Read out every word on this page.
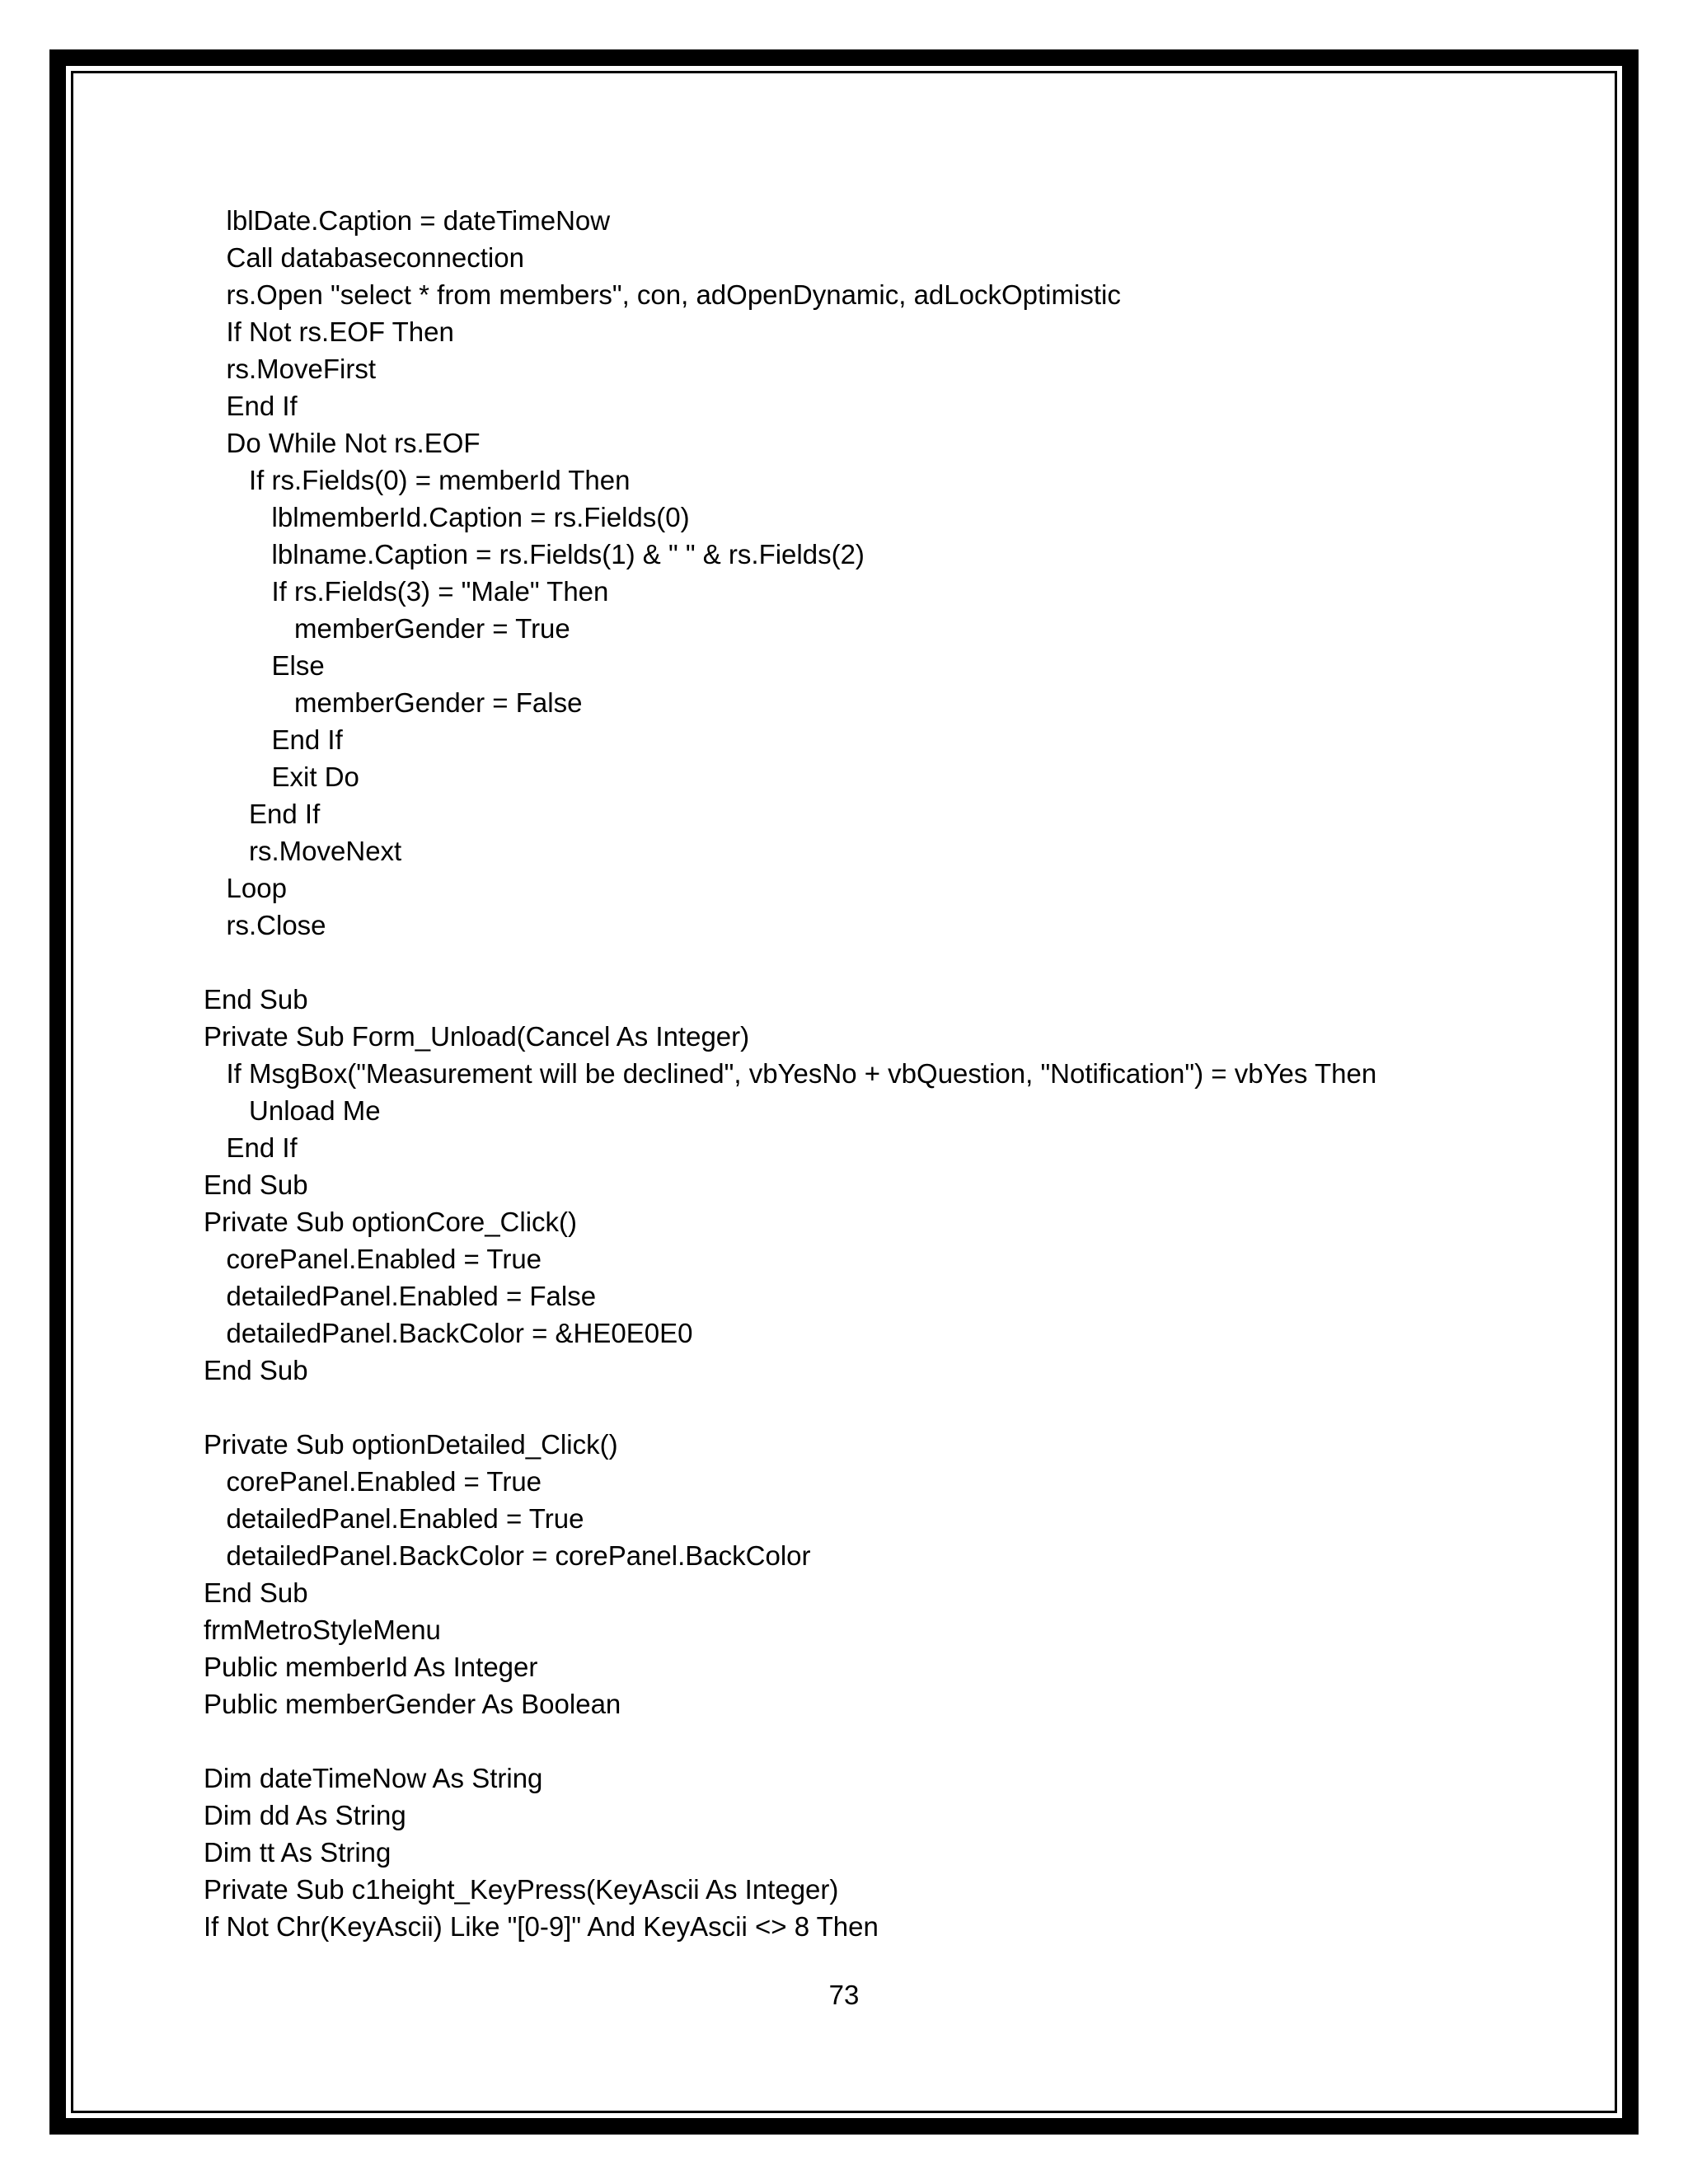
lblDate.Caption = dateTimeNow
Call databaseconnection
rs.Open "select * from members", con, adOpenDynamic, adLockOptimistic
If Not rs.EOF Then
rs.MoveFirst
End If
Do While Not rs.EOF
If rs.Fields(0) = memberId Then
lblmemberId.Caption = rs.Fields(0)
lblname.Caption = rs.Fields(1) & " " & rs.Fields(2)
If rs.Fields(3) = "Male" Then
memberGender = True
Else
memberGender = False
End If
Exit Do
End If
rs.MoveNext
Loop
rs.Close
End Sub
Private Sub Form_Unload(Cancel As Integer)
If MsgBox("Measurement will be declined", vbYesNo + vbQuestion, "Notification") = vbYes Then
Unload Me
End If
End Sub
Private Sub optionCore_Click()
corePanel.Enabled = True
detailedPanel.Enabled = False
detailedPanel.BackColor = &HE0E0E0
End Sub
Private Sub optionDetailed_Click()
corePanel.Enabled = True
detailedPanel.Enabled = True
detailedPanel.BackColor = corePanel.BackColor
End Sub
frmMetroStyleMenu
Public memberId As Integer
Public memberGender As Boolean
Dim dateTimeNow As String
Dim dd As String
Dim tt As String
Private Sub c1height_KeyPress(KeyAscii As Integer)
If Not Chr(KeyAscii) Like "[0-9]" And KeyAscii <> 8 Then
73
